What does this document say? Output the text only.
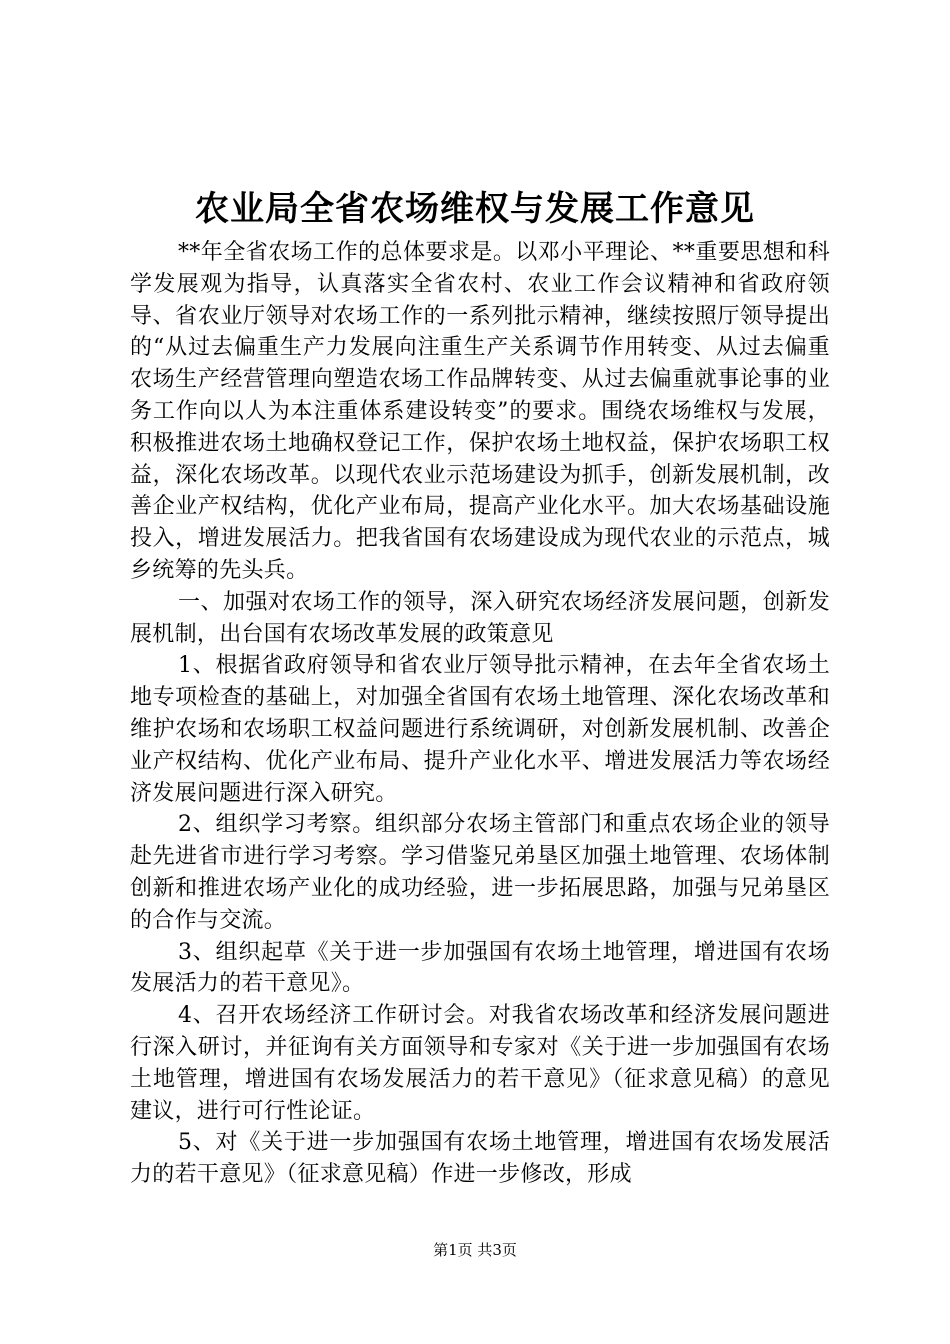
农业局全省农场维权与发展工作意见

**年全省农场工作的总体要求是。以邓小平理论、**重要思想和科学发展观为指导，认真落实全省农村、农业工作会议精神和省政府领导、省农业厅领导对农场工作的一系列批示精神，继续按照厅领导提出的“从过去偏重生产力发展向注重生产关系调节作用转变、从过去偏重农场生产经营管理向塑造农场工作品牌转变、从过去偏重就事论事的业务工作向以人为本注重体系建设转变”的要求。围绕农场维权与发展，积极推进农场土地确权登记工作，保护农场土地权益，保护农场职工权益，深化农场改革。以现代农业示范场建设为抓手，创新发展机制，改善企业产权结构，优化产业布局，提高产业化水平。加大农场基础设施投入，增进发展活力。把我省国有农场建设成为现代农业的示范点，城乡统筹的先头兵。

一、加强对农场工作的领导，深入研究农场经济发展问题，创新发展机制，出台国有农场改革发展的政策意见

1、根据省政府领导和省农业厅领导批示精神，在去年全省农场土地专项检查的基础上，对加强全省国有农场土地管理、深化农场改革和维护农场和农场职工权益问题进行系统调研，对创新发展机制、改善企业产权结构、优化产业布局、提升产业化水平、增进发展活力等农场经济发展问题进行深入研究。

2、组织学习考察。组织部分农场主管部门和重点农场企业的领导赴先进省市进行学习考察。学习借鉴兄弟垦区加强土地管理、农场体制创新和推进农场产业化的成功经验，进一步拓展思路，加强与兄弟垦区的合作与交流。

3、组织起草《关于进一步加强国有农场土地管理，增进国有农场发展活力的若干意见》。

4、召开农场经济工作研讨会。对我省农场改革和经济发展问题进行深入研讨，并征询有关方面领导和专家对《关于进一步加强国有农场土地管理，增进国有农场发展活力的若干意见》（征求意见稿）的意见建议，进行可行性论证。

5、对《关于进一步加强国有农场土地管理，增进国有农场发展活力的若干意见》（征求意见稿）作进一步修改，形成

第1页 共3页
